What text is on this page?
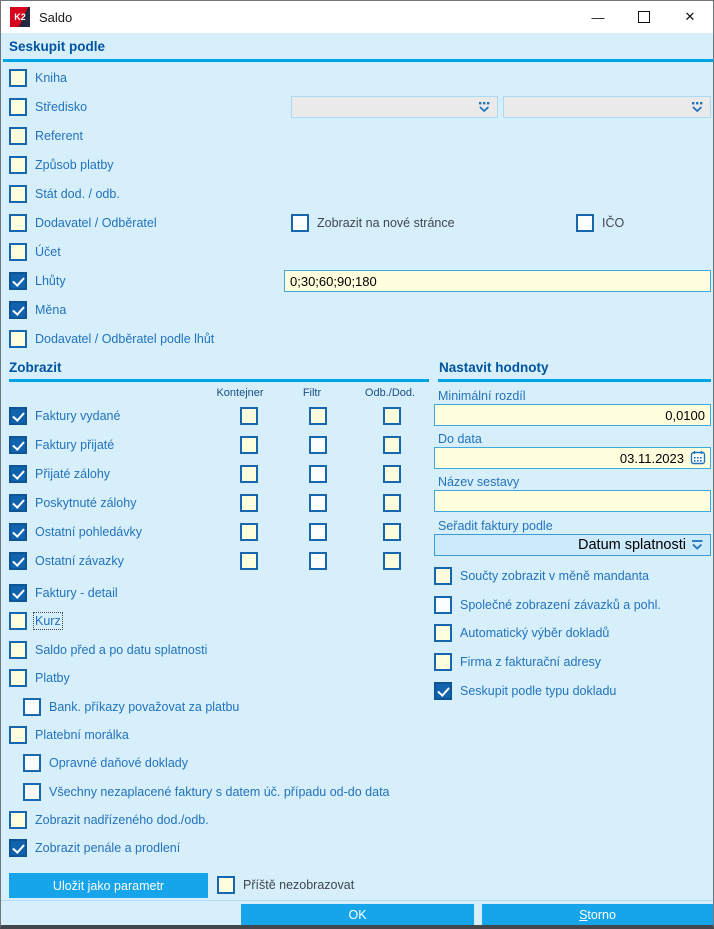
K2	Saldo	—	✕
Seskupit podle
Kniha
Středisko
Referent
Způsob platby
Stát dod. / odb.
Dodavatel / Odběratel
Účet
Lhůty
Měna
Dodavatel / Odběratel podle lhůt
Zobrazit na nové stránce	IČO
0;30;60;90;180
Zobrazit
Kontejner	Filtr	Odb./Dod.
Faktury vydané
Faktury přijaté
Přijaté zálohy
Poskytnuté zálohy
Ostatní pohledávky
Ostatní závazky
Faktury - detail
Kurz
Saldo před a po datu splatnosti
Platby
Bank. příkazy považovat za platbu
Platební morálka
Opravné daňové doklady
Všechny nezaplacené faktury s datem úč. případu od-do data
Zobrazit nadřízeného dod./odb.
Zobrazit penále a prodlení
Nastavit hodnoty
Minimální rozdíl
0,0100
Do data
03.11.2023
Název sestavy
Seřadit faktury podle
Datum splatnosti
Součty zobrazit v měně mandanta
Společné zobrazení závazků a pohl.
Automatický výběr dokladů
Firma z fakturační adresy
Seskupit podle typu dokladu
Uložit jako parametr	Příště nezobrazovat
OK	S torno
